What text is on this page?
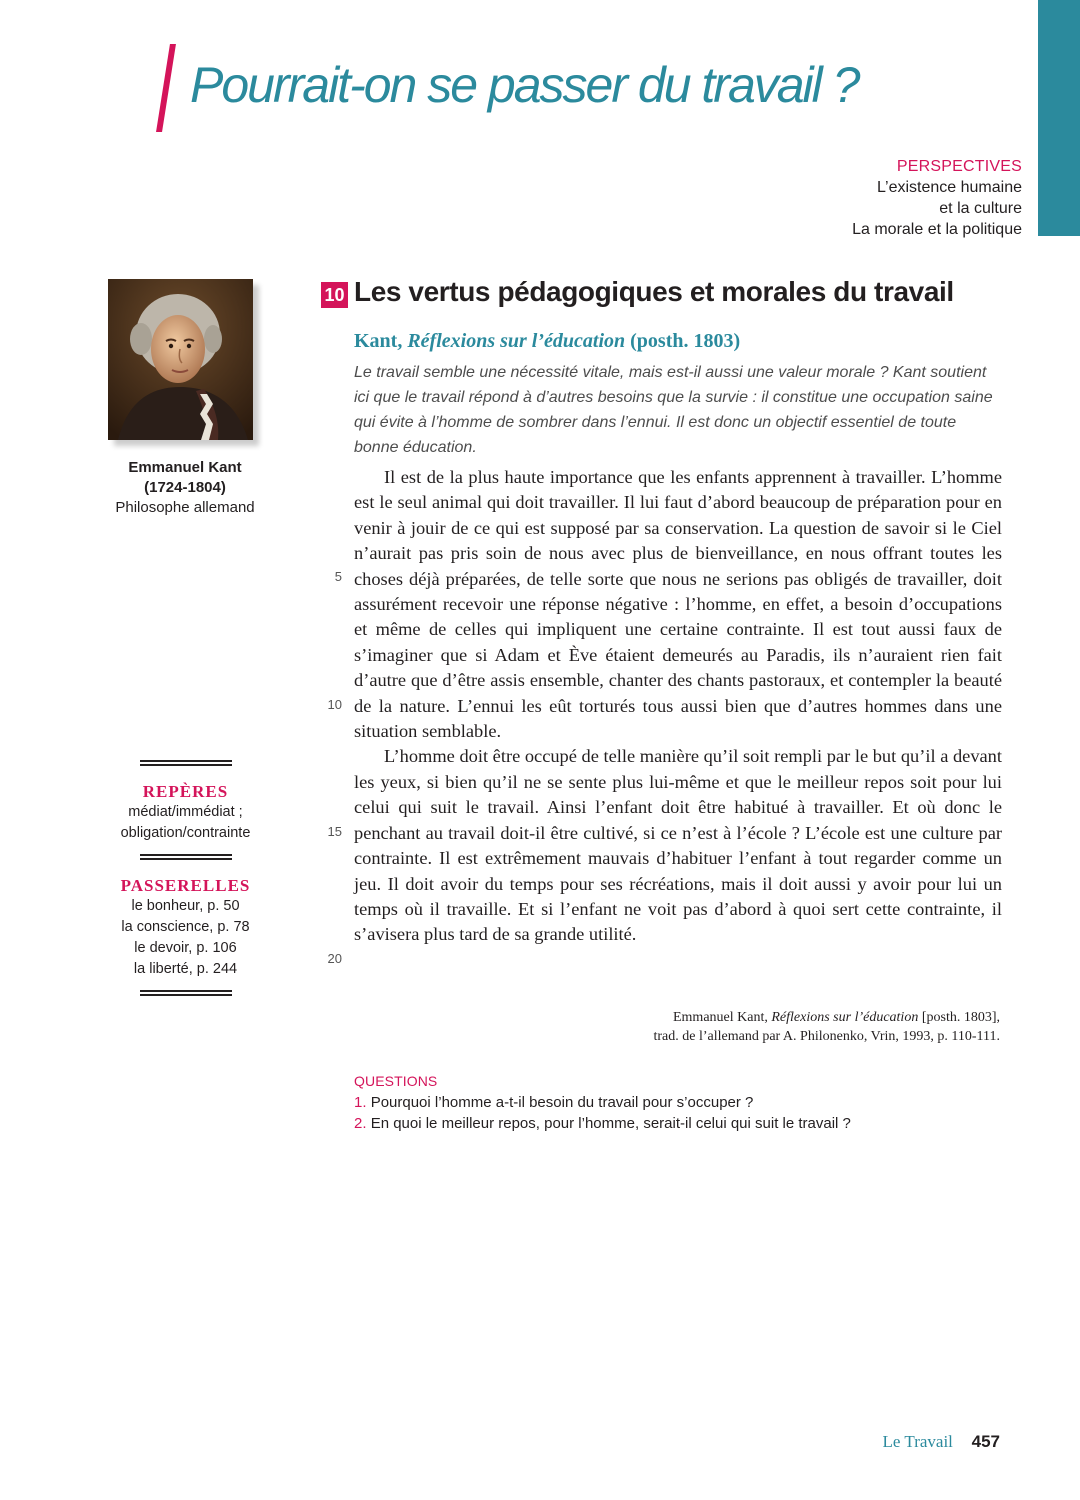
Pourrait-on se passer du travail ?
PERSPECTIVES
L’existence humaine
et la culture
La morale et la politique
Emmanuel Kant
(1724-1804)
Philosophe allemand
REPÈRES
médiat/immédiat ;
obligation/contrainte
PASSERELLES
le bonheur, p. 50
la conscience, p. 78
le devoir, p. 106
la liberté, p. 244
10 Les vertus pédagogiques et morales du travail
Kant, Réflexions sur l’éducation (posth. 1803)
Le travail semble une nécessité vitale, mais est-il aussi une valeur morale ? Kant soutient ici que le travail répond à d’autres besoins que la survie : il constitue une occupation saine qui évite à l’homme de sombrer dans l’ennui. Il est donc un objectif essentiel de toute bonne éducation.
5
10
15
20

Il est de la plus haute importance que les enfants apprennent à travailler. L’homme est le seul animal qui doit travailler. Il lui faut d’abord beaucoup de préparation pour en venir à jouir de ce qui est supposé par sa conservation. La question de savoir si le Ciel n’aurait pas pris soin de nous avec plus de bienveillance, en nous offrant toutes les choses déjà préparées, de telle sorte que nous ne serions pas obligés de travailler, doit assurément recevoir une réponse négative : l’homme, en effet, a besoin d’occupations et même de celles qui impliquent une certaine contrainte. Il est tout aussi faux de s’imaginer que si Adam et Ève étaient demeurés au Paradis, ils n’auraient rien fait d’autre que d’être assis ensemble, chanter des chants pastoraux, et contempler la beauté de la nature. L’ennui les eût torturés tous aussi bien que d’autres hommes dans une situation semblable.

L’homme doit être occupé de telle manière qu’il soit rempli par le but qu’il a devant les yeux, si bien qu’il ne se sente plus lui-même et que le meilleur repos soit pour lui celui qui suit le travail. Ainsi l’enfant doit être habitué à travailler. Et où donc le penchant au travail doit-il être cultivé, si ce n’est à l’école ? L’école est une culture par contrainte. Il est extrêmement mauvais d’habituer l’enfant à tout regarder comme un jeu. Il doit avoir du temps pour ses récréations, mais il doit aussi y avoir pour lui un temps où il travaille. Et si l’enfant ne voit pas d’abord à quoi sert cette contrainte, il s’avisera plus tard de sa grande utilité.

Emmanuel Kant, Réflexions sur l’éducation [posth. 1803],
trad. de l’allemand par A. Philonenko, Vrin, 1993, p. 110-111.
QUESTIONS
1. Pourquoi l’homme a-t-il besoin du travail pour s’occuper ?
2. En quoi le meilleur repos, pour l’homme, serait-il celui qui suit le travail ?
Le Travail 457
